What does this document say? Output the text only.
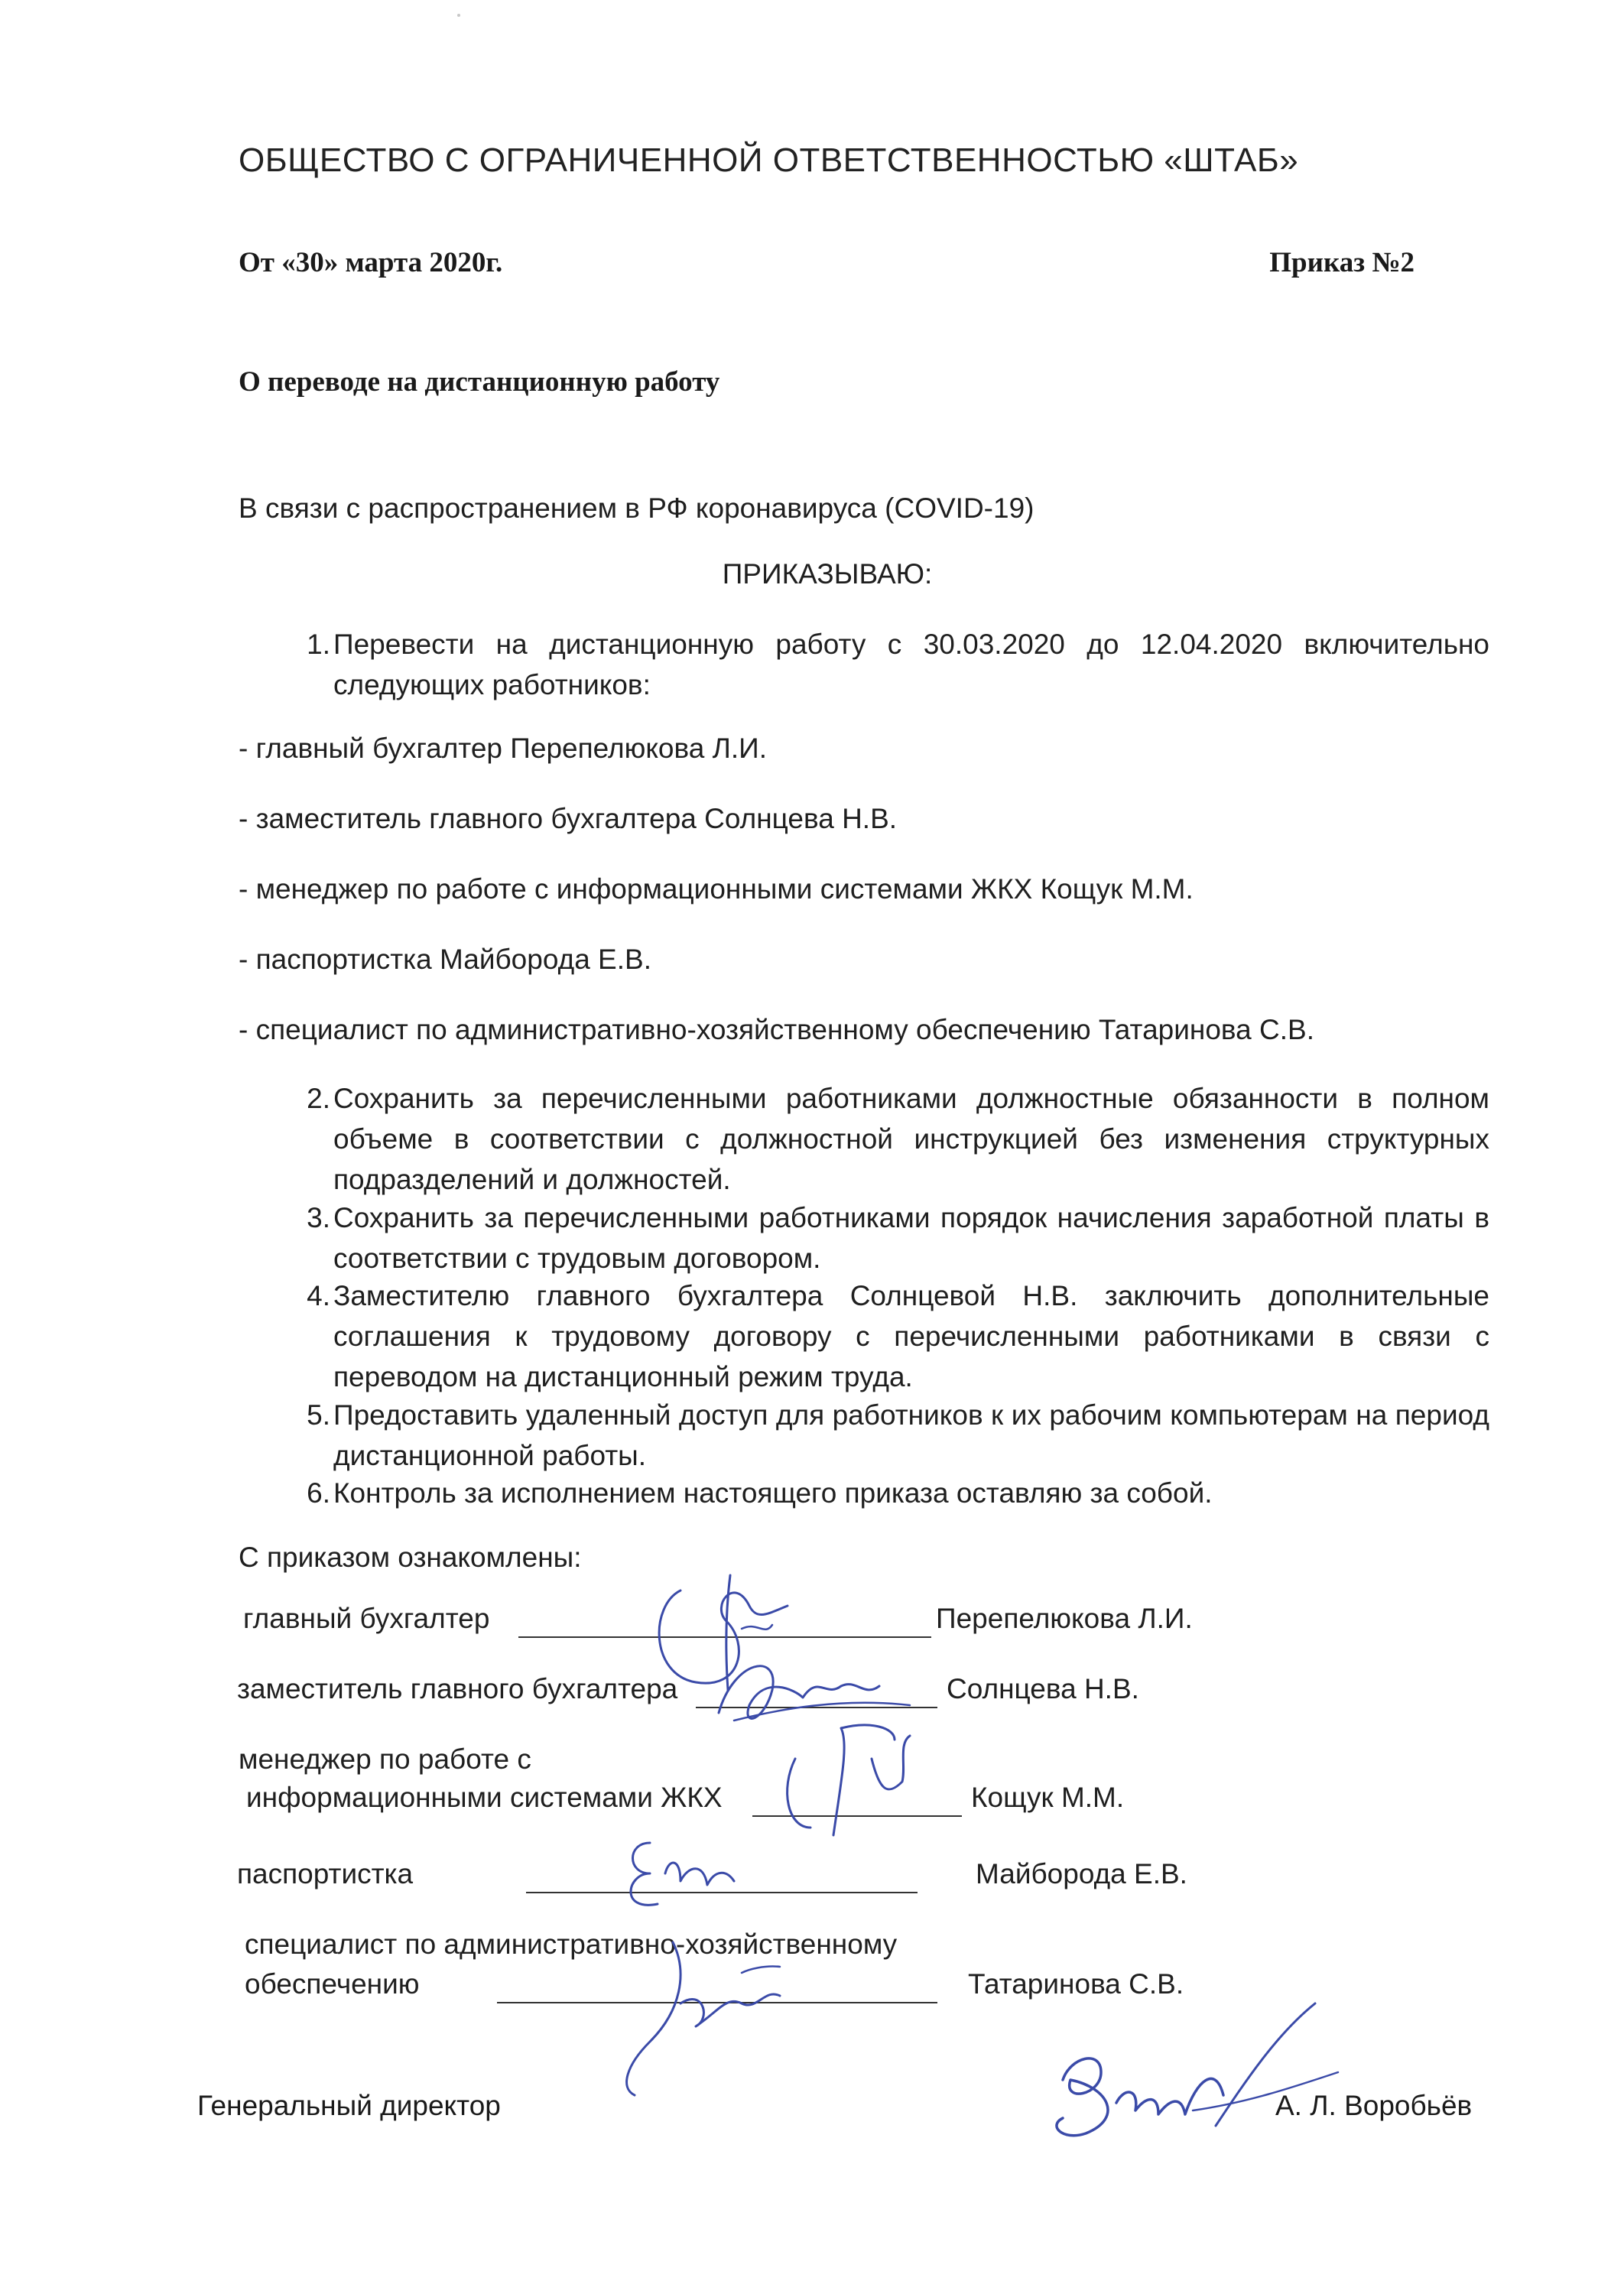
ОБЩЕСТВО С ОГРАНИЧЕННОЙ ОТВЕТСТВЕННОСТЬЮ «ШТАБ»
От «30» марта 2020г.	Приказ №2
О переводе на дистанционную работу
В связи с распространением в РФ коронавируса (COVID-19)
ПРИКАЗЫВАЮ:
1. Перевести на дистанционную работу с 30.03.2020 до 12.04.2020 включительно следующих работников:
- главный бухгалтер Перепелюкова Л.И.
- заместитель главного бухгалтера Солнцева Н.В.
- менеджер по работе с информационными системами ЖКХ Кощук М.М.
- паспортистка Майборода Е.В.
- специалист по административно-хозяйственному обеспечению Татаринова С.В.
2. Сохранить за перечисленными работниками должностные обязанности в полном объеме в соответствии с должностной инструкцией без изменения структурных подразделений и должностей.
3. Сохранить за перечисленными работниками порядок начисления заработной платы в соответствии с трудовым договором.
4. Заместителю главного бухгалтера Солнцевой Н.В. заключить дополнительные соглашения к трудовому договору с перечисленными работниками в связи с переводом на дистанционный режим труда.
5. Предоставить удаленный доступ для работников к их рабочим компьютерам на период дистанционной работы.
6. Контроль за исполнением настоящего приказа оставляю за собой.
С приказом ознакомлены:
главный бухгалтер	Перепелюкова Л.И.
заместитель главного бухгалтера	Солнцева Н.В.
менеджер по работе с
информационными системами ЖКХ	Кощук М.М.
паспортистка	Майборода Е.В.
специалист по административно-хозяйственному
обеспечению	Татаринова С.В.
Генеральный директор	А. Л. Воробьёв
